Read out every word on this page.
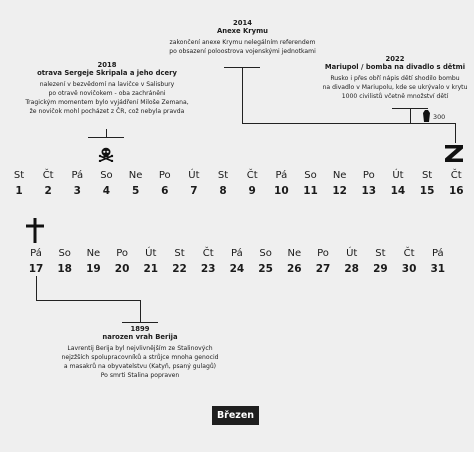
2014
Anexe Krymu
zakončení anexe Krymu nelegálním referendem
po obsazení poloostrova vojenskými jednotkami
2018
otrava Sergeje Skripala a jeho dcery
nalezení v bezvědomí na lavičce v Salisbury
po otravě novičokem - oba zachráněni
Tragickým momentem bylo vyjádření Miloše Zemana,
že novičok mohl pocházet z ČR, což nebyla pravda
2022
Mariupol / bomba na divadlo s dětmi
Rusko i přes obří nápis dětí shodilo bombu
na divadlo v Mariupolu, kde se ukrývalo v krytu
1000 civilistů včetně množství dětí
300
St
1
Čt
2
Pá
3
So
4
Ne
5
Po
6
Út
7
St
8
Čt
9
Pá
10
So
11
Ne
12
Po
13
Út
14
St
15
Čt
16
Pá
17
So
18
Ne
19
Po
20
Út
21
St
22
Čt
23
Pá
24
So
25
Ne
26
Po
27
Út
28
St
29
Čt
30
Pá
31
1899
narozen vrah Berija
Lavrentij Berija byl nejvlivnějším ze Stalinových
nejzžších spolupracovníků a strůjce mnoha genocid
a masakrů na obyvatelstvu (Katyň, psaný gulagů)
Po smrti Stalina popraven
Březen
